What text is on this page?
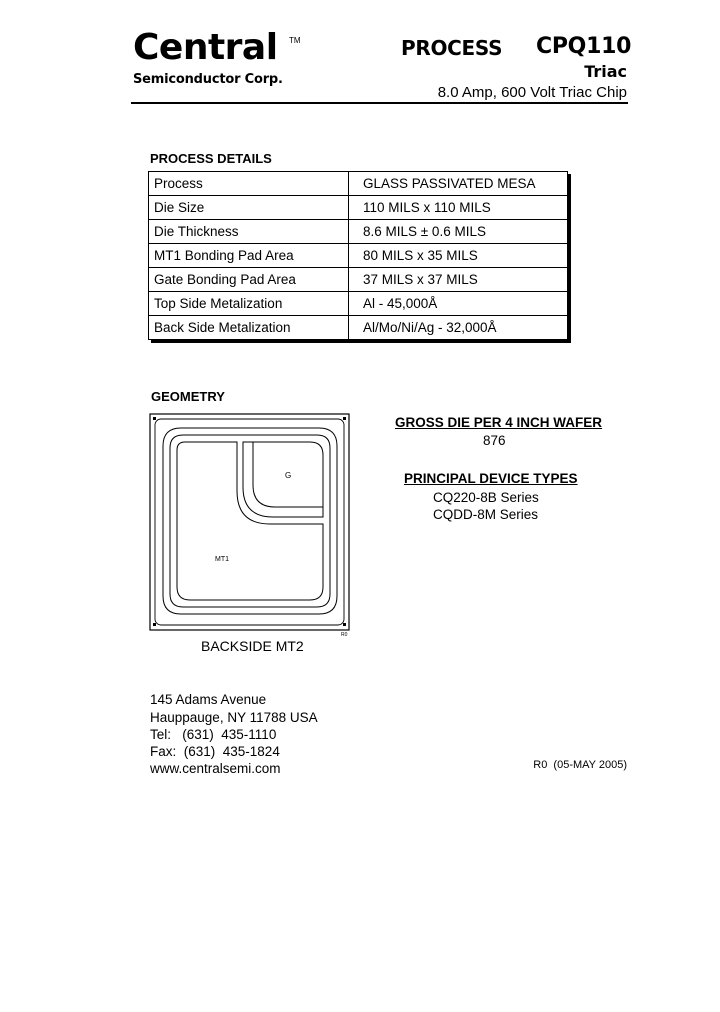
Central TM
Semiconductor Corp.
PROCESS CPQ110
Triac
8.0 Amp, 600 Volt Triac Chip
PROCESS DETAILS
Process	GLASS PASSIVATED MESA
Die Size	110 MILS x 110 MILS
Die Thickness	8.6 MILS ± 0.6 MILS
MT1 Bonding Pad Area	80 MILS x 35 MILS
Gate Bonding Pad Area	37 MILS x 37 MILS
Top Side Metalization	Al - 45,000Å
Back Side Metalization	Al/Mo/Ni/Ag - 32,000Å
GEOMETRY
G
MT1
R0
BACKSIDE MT2
GROSS DIE PER 4 INCH WAFER
876
PRINCIPAL DEVICE TYPES
CQ220-8B Series
CQDD-8M Series
145 Adams Avenue
Hauppauge, NY 11788 USA
Tel:   (631)  435-1110
Fax:  (631)  435-1824
www.centralsemi.com	R0  (05-MAY 2005)
